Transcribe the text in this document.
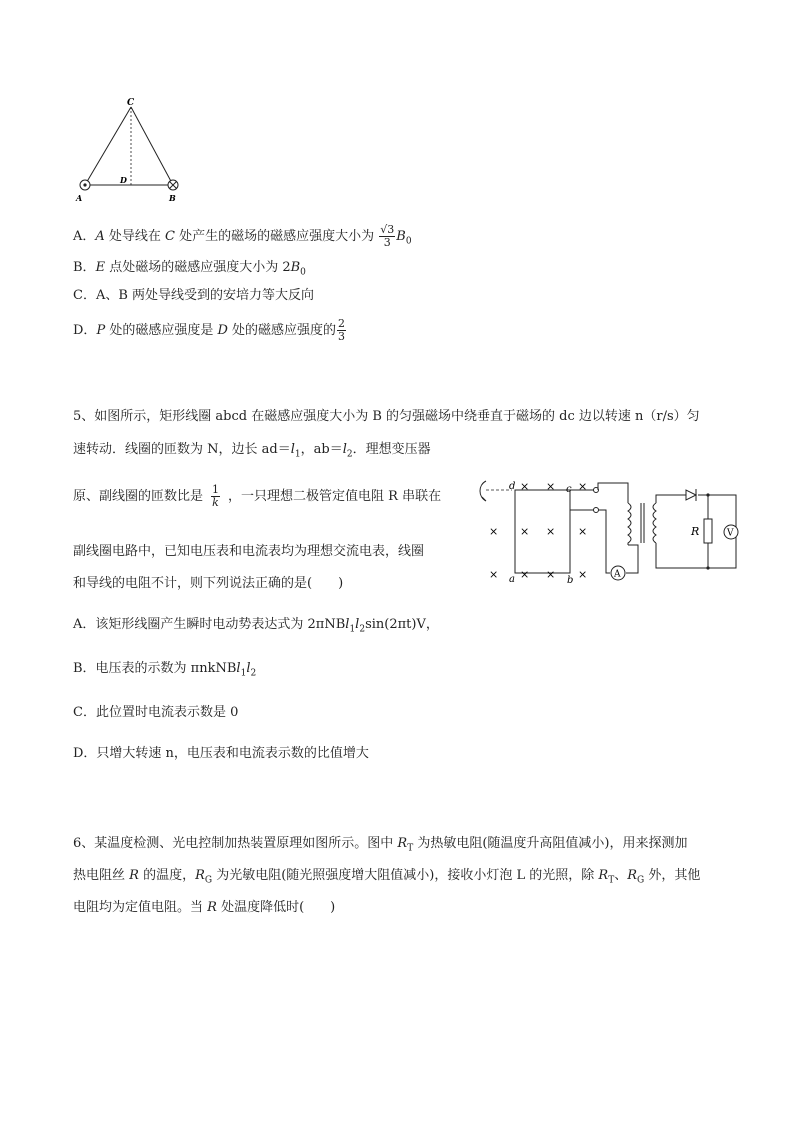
C
D
A	B
A．A 处导线在 C 处产生的磁场的磁感应强度大小为 $\frac{√3}{3} B_0$
B．E 点处磁场的磁感应强度大小为 $2B_0$
C．A、B 两处导线受到的安培力等大反向
D．P 处的磁感应强度是 D 处的磁感应强度的 $\frac{2}{3}$
5、如图所示，矩形线圈 abcd 在磁感应强度大小为 B 的匀强磁场中绕垂直于磁场的 dc 边以转速 n（r/s）匀
速转动．线圈的匝数为 N，边长 $ad=l_1$，$ab=l_2$．理想变压器
原、副线圈的匝数比是 $\frac{1}{k}$ ，一只理想二极管定值电阻 R 串联在
副线圈电路中，已知电压表和电流表均为理想交流电表，线圈
和导线的电阻不计，则下列说法正确的是(　　)
A
R	V
d	c
a	b
×
×
× × ×
× × ×
× × ×
A．该矩形线圈产生瞬时电动势表达式为 $2\pi NBl_1l_2\sin(2\pi t)V$，
B．电压表的示数为 $\pi nkNBl_1l_2$
C．此位置时电流表示数是 0
D．只增大转速 n，电压表和电流表示数的比值增大
6、某温度检测、光电控制加热装置原理如图所示。图中 $R_T$ 为热敏电阻(随温度升高阻值减小)，用来探测加
热电阻丝 R 的温度，$R_G$ 为光敏电阻(随光照强度增大阻值减小)，接收小灯泡 L 的光照，除 $R_T$、$R_G$ 外，其他
电阻均为定值电阻。当 R 处温度降低时(　　)
